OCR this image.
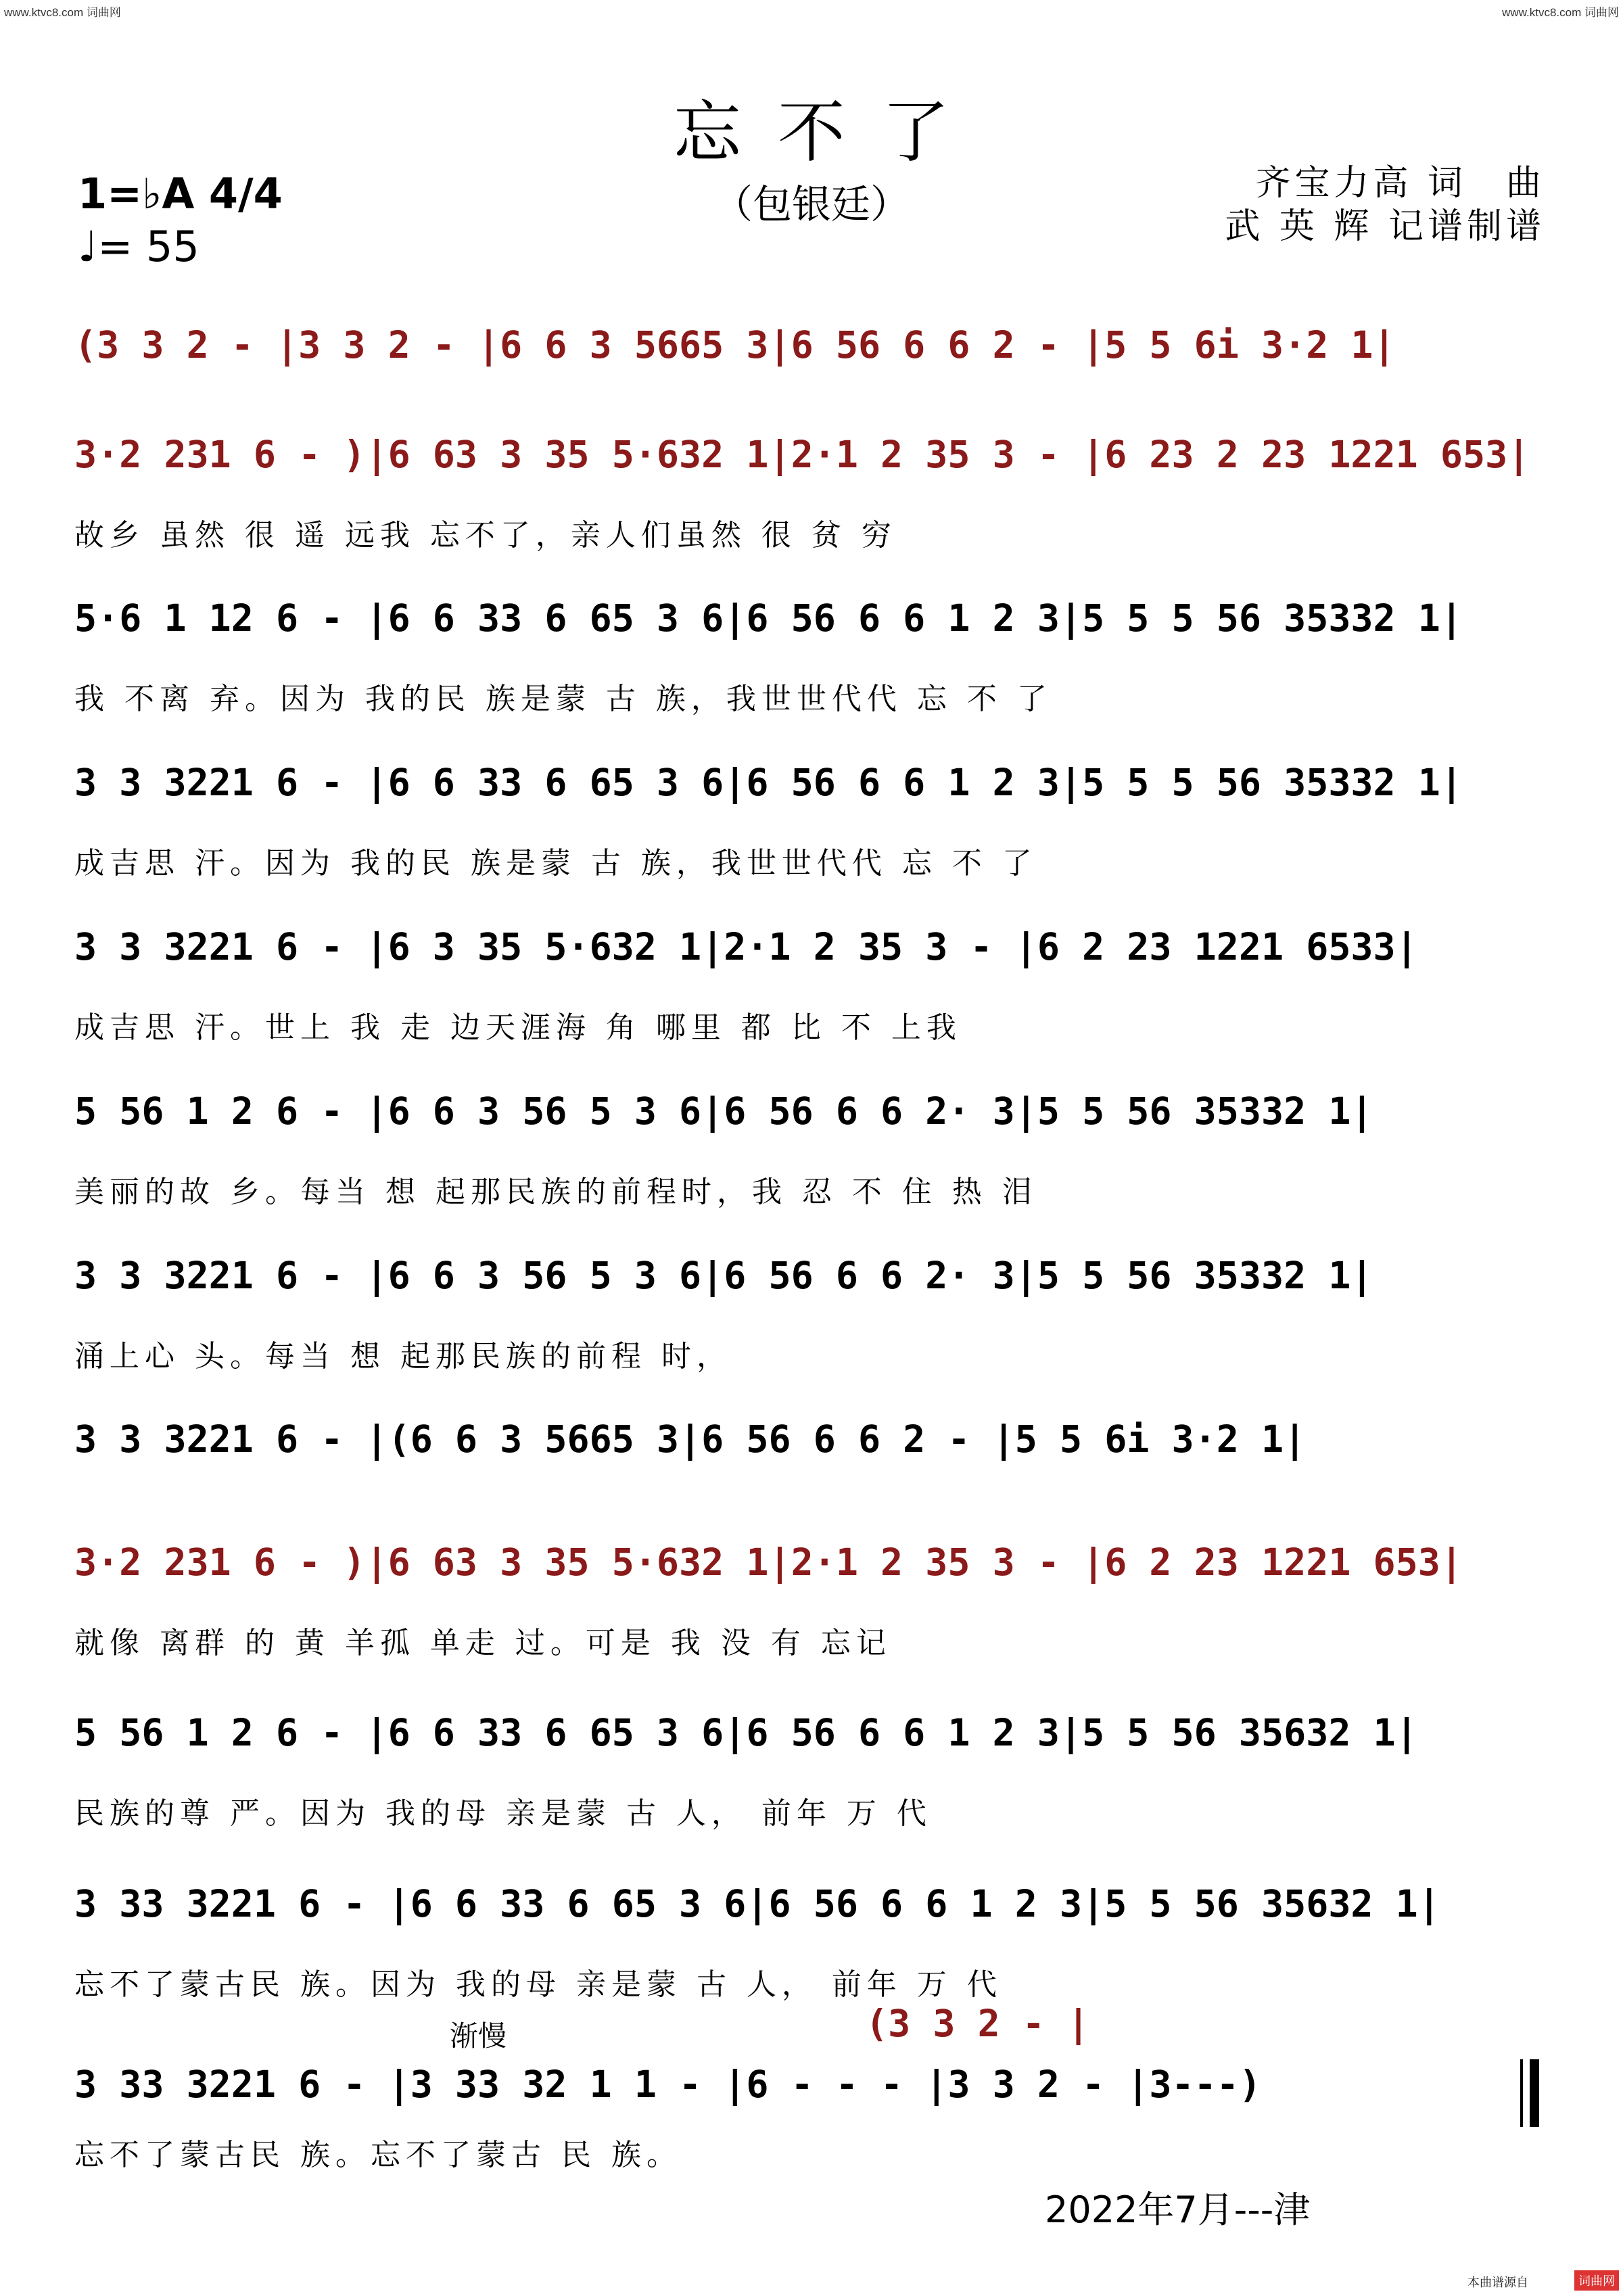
www.ktvc8.com 词曲网	www.ktvc8.com 词曲网
忘不了
（包银廷）
1=♭A 4/4
♩= 55
齐宝力高 词　曲
武 英 辉 记谱制谱
(3 3 2 - |3 3 2 - |6 6 3 5665 3|6 56 6 6 2 - |5 5 6i 3·2 1|
3·2 231 6 - )|6 63 3 35 5·632 1|2·1 2 35 3 - |6 23 2 23 1221 653|
故乡 虽然 很 遥 远我 忘不了，亲人们虽然 很 贫 穷
5·6 1 12 6 - |6 6 33 6 65 3 6|6 56 6 6 1 2 3|5 5 5 56 35332 1|
我 不离 弃。因为 我的民 族是蒙 古 族，我世世代代 忘 不 了
3 3 3221 6 - |6 6 33 6 65 3 6|6 56 6 6 1 2 3|5 5 5 56 35332 1|
成吉思 汗。因为 我的民 族是蒙 古 族，我世世代代 忘 不 了
3 3 3221 6 - |6 3 35 5·632 1|2·1 2 35 3 - |6 2 23 1221 6533|
成吉思 汗。世上 我 走 边天涯海 角 哪里 都 比 不 上我
5 56 1 2 6 - |6 6 3 56 5 3 6|6 56 6 6 2· 3|5 5 56 35332 1|
美丽的故 乡。每当 想 起那民族的前程时，我 忍 不 住 热 泪
3 3 3221 6 - |6 6 3 56 5 3 6|6 56 6 6 2· 3|5 5 56 35332 1|
涌上心 头。每当 想 起那民族的前程 时，
3 3 3221 6 - |(6 6 3 5665 3|6 56 6 6 2 - |5 5 6i 3·2 1|
3·2 231 6 - )|6 63 3 35 5·632 1|2·1 2 35 3 - |6 2 23 1221 653|
就像 离群 的 黄 羊孤 单走 过。可是 我 没 有 忘记
5 56 1 2 6 - |6 6 33 6 65 3 6|6 56 6 6 1 2 3|5 5 56 35632 1|
民族的尊 严。因为 我的母 亲是蒙 古 人， 前年 万 代
3 33 3221 6 - |6 6 33 6 65 3 6|6 56 6 6 1 2 3|5 5 56 35632 1|
忘不了蒙古民 族。因为 我的母 亲是蒙 古 人， 前年 万 代
渐慢	(3 3 2 - |
3 33 3221 6 - |3 33 32 1 1 - |6 - - - |3 3 2 - |3---)
忘不了蒙古民 族。忘不了蒙古 民 族。
2022年7月---津
本曲谱源自	词曲网
